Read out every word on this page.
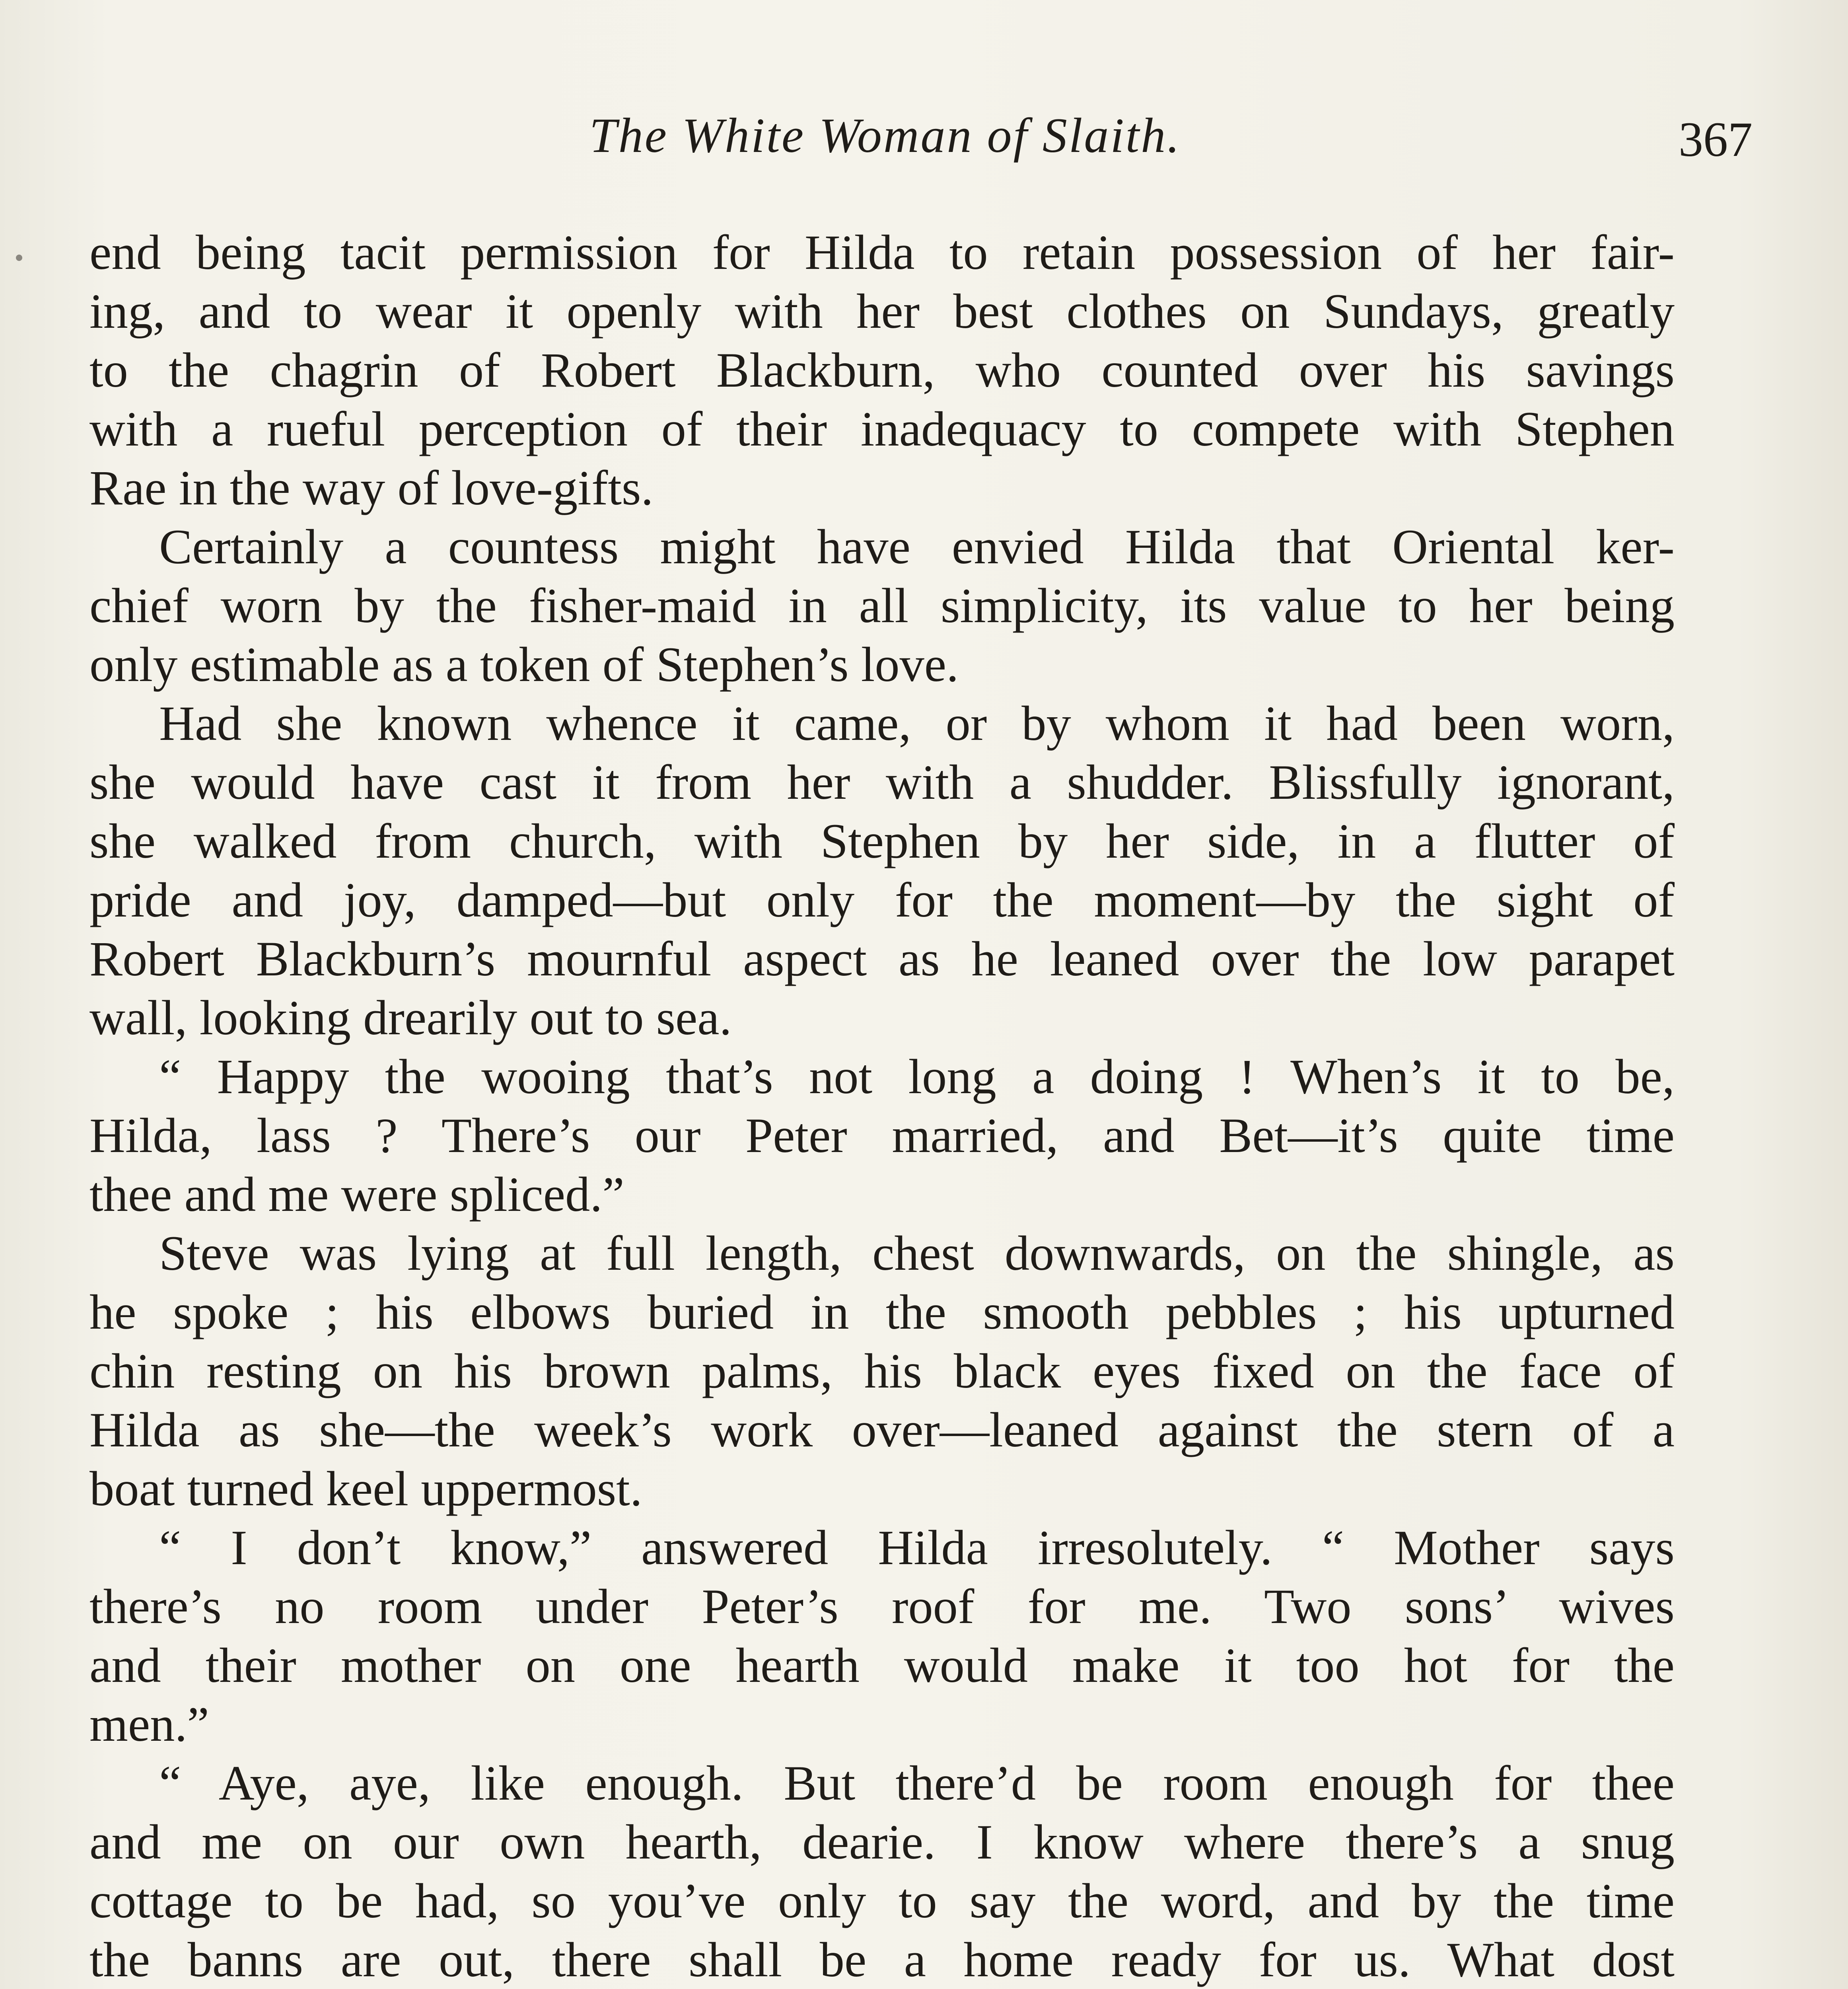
The White Woman of Slaith.	367
end being tacit permission for Hilda to retain possession of her fair-
ing, and to wear it openly with her best clothes on Sundays, greatly
to the chagrin of Robert Blackburn, who counted over his savings
with a rueful perception of their inadequacy to compete with Stephen
Rae in the way of love-gifts.
Certainly a countess might have envied Hilda that Oriental ker-
chief worn by the fisher-maid in all simplicity, its value to her being
only estimable as a token of Stephen’s love.
Had she known whence it came, or by whom it had been worn,
she would have cast it from her with a shudder. Blissfully ignorant,
she walked from church, with Stephen by her side, in a flutter of
pride and joy, damped—but only for the moment—by the sight of
Robert Blackburn’s mournful aspect as he leaned over the low parapet
wall, looking drearily out to sea.
“ Happy the wooing that’s not long a doing ! When’s it to be,
Hilda, lass ? There’s our Peter married, and Bet—it’s quite time
thee and me were spliced.”
Steve was lying at full length, chest downwards, on the shingle, as
he spoke ; his elbows buried in the smooth pebbles ; his upturned
chin resting on his brown palms, his black eyes fixed on the face of
Hilda as she—the week’s work over—leaned against the stern of a
boat turned keel uppermost.
“ I don’t know,” answered Hilda irresolutely. “ Mother says
there’s no room under Peter’s roof for me. Two sons’ wives
and their mother on one hearth would make it too hot for the
men.”
“ Aye, aye, like enough. But there’d be room enough for thee
and me on our own hearth, dearie. I know where there’s a snug
cottage to be had, so you’ve only to say the word, and by the time
the banns are out, there shall be a home ready for us. What dost
